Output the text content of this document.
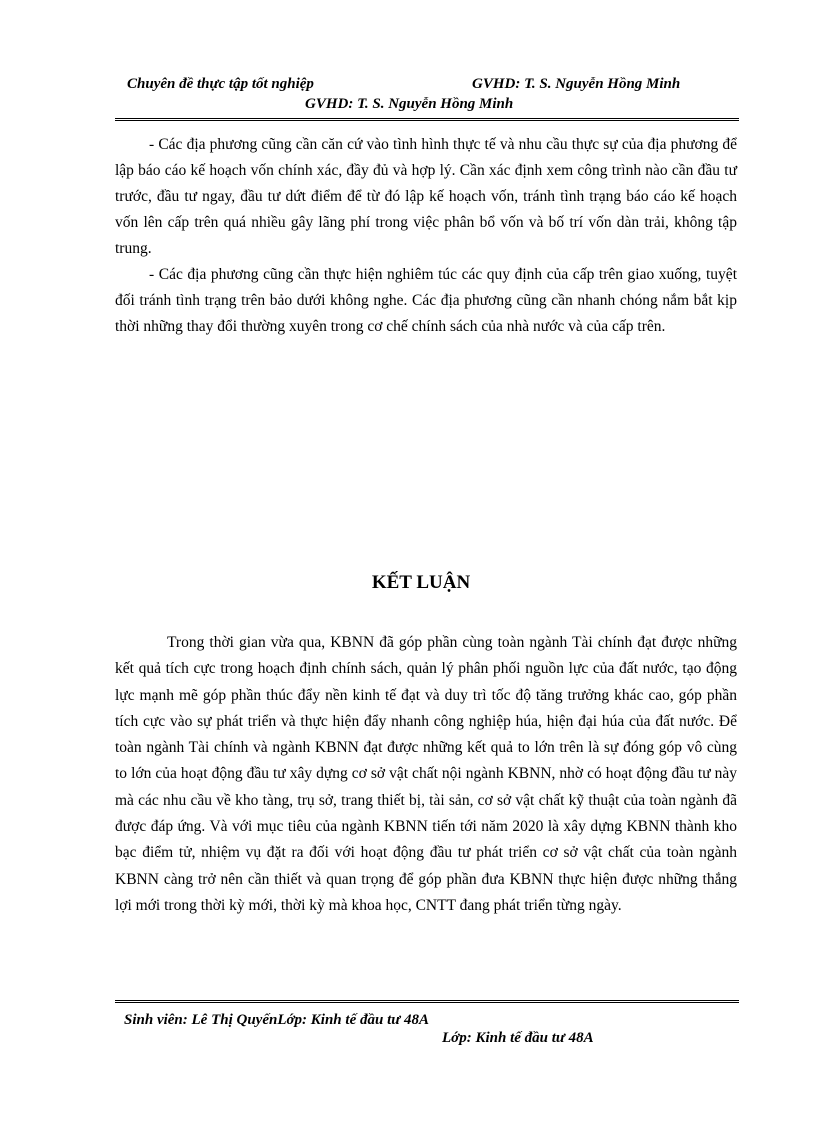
Chuyên đề thực tập tốt nghiệp	GVHD: T. S. Nguyễn Hồng Minh
GVHD: T. S. Nguyễn Hồng Minh

- Các địa phương cũng cần căn cứ vào tình hình thực tế và nhu cầu thực sự của địa phương để lập báo cáo kế hoạch vốn chính xác, đầy đủ và hợp lý. Cần xác định xem công trình nào cần đầu tư trước, đầu tư ngay, đầu tư dứt điểm để từ đó lập kế hoạch vốn, tránh tình trạng báo cáo kế hoạch vốn lên cấp trên quá nhiều gây lãng phí trong việc phân bổ vốn và bố trí vốn dàn trải, không tập trung.

- Các địa phương cũng cần thực hiện nghiêm túc các quy định của cấp trên giao xuống, tuyệt đối tránh tình trạng trên bảo dưới không nghe. Các địa phương cũng cần nhanh chóng nắm bắt kịp thời những thay đổi thường xuyên trong cơ chế chính sách của nhà nước và của cấp trên.

KẾT LUẬN

Trong thời gian vừa qua, KBNN đã góp phần cùng toàn ngành Tài chính đạt được những kết quả tích cực trong hoạch định chính sách, quản lý phân phối nguồn lực của đất nước, tạo động lực mạnh mẽ góp phần thúc đẩy nền kinh tế đạt và duy trì tốc độ tăng trưởng khác cao, góp phần tích cực vào sự phát triển và thực hiện đẩy nhanh công nghiệp húa, hiện đại húa của đất nước. Để toàn ngành Tài chính và ngành KBNN đạt được những kết quả to lớn trên là sự đóng góp vô cùng to lớn của hoạt động đầu tư xây dựng cơ sở vật chất nội ngành KBNN, nhờ có hoạt động đầu tư này mà các nhu cầu về kho tàng, trụ sở, trang thiết bị, tài sản, cơ sở vật chất kỹ thuật của toàn ngành đã được đáp ứng. Và với mục tiêu của ngành KBNN tiến tới năm 2020 là xây dựng KBNN thành kho bạc điểm tử, nhiệm vụ đặt ra đối với hoạt động đầu tư phát triển cơ sở vật chất của toàn ngành KBNN càng trở nên cần thiết và quan trọng để góp phần đưa KBNN thực hiện được những thắng lợi mới trong thời kỳ mới, thời kỳ mà khoa học, CNTT đang phát triển từng ngày.

Sinh viên: Lê Thị QuyếnLớp: Kinh tế đầu tư 48A
Lớp: Kinh tế đầu tư 48A
